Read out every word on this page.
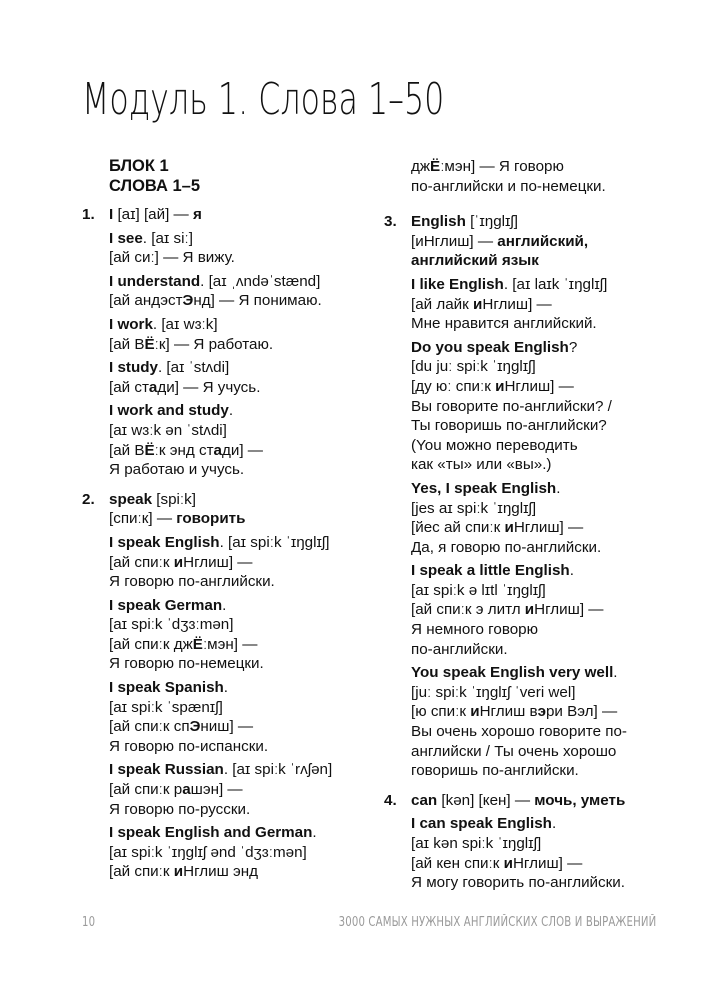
Модуль 1. Слова 1–50
БЛОК 1
СЛОВА 1–5
1. I [aɪ] [ай] — я
I see. [aɪ siː]
[ай сиː] — Я вижу.
I understand. [aɪ ˌʌndəˈstænd]
[ай андэстЭнд] — Я понимаю.
I work. [aɪ wɜːk]
[ай ВЁːк] — Я работаю.
I study. [aɪ ˈstʌdi]
[ай стади] — Я учусь.
I work and study.
[aɪ wɜːk ən ˈstʌdi]
[ай ВЁːк энд стади] —
Я работаю и учусь.
2. speak [spiːk]
[спиːк] — говорить
I speak English. [aɪ spiːk ˈɪŋglɪʃ]
[ай спиːк иНглиш] —
Я говорю по-английски.
I speak German.
[aɪ spiːk ˈdʒɜːmən]
[ай спиːк джЁːмэн] —
Я говорю по-немецки.
I speak Spanish.
[aɪ spiːk ˈspænɪʃ]
[ай спиːк спЭниш] —
Я говорю по-испански.
I speak Russian. [aɪ spiːk ˈrʌʃən]
[ай спиːк рашэн] —
Я говорю по-русски.
I speak English and German.
[aɪ spiːk ˈɪŋglɪʃ ənd ˈdʒɜːmən]
[ай спиːк иНглиш энд
джЁːмэн] — Я говорю
по-английски и по-немецки.
3. English [ˈɪŋglɪʃ]
[иНглиш] — английский,
английский язык
I like English. [aɪ laɪk ˈɪŋglɪʃ]
[ай лайк иНглиш] —
Мне нравится английский.
Do you speak English?
[du juː spiːk ˈɪŋglɪʃ]
[ду юː спиːк иНглиш] —
Вы говорите по-английски? /
Ты говоришь по-английски?
(You можно переводить
как «ты» или «вы».)
Yes, I speak English.
[jes aɪ spiːk ˈɪŋglɪʃ]
[йес ай спиːк иНглиш] —
Да, я говорю по-английски.
I speak a little English.
[aɪ spiːk ə lɪtl ˈɪŋglɪʃ]
[ай спиːк э литл иНглиш] —
Я немного говорю
по-английски.
You speak English very well.
[juː spiːk ˈɪŋglɪʃ ˈveri wel]
[ю спиːк иНглиш вэри Вэл] —
Вы очень хорошо говорите по-
английски / Ты очень хорошо
говоришь по-английски.
4. can [kən] [кен] — мочь, уметь
I can speak English.
[aɪ kən spiːk ˈɪŋglɪʃ]
[ай кен спиːк иНглиш] —
Я могу говорить по-английски.
10	3000 САМЫХ НУЖНЫХ АНГЛИЙСКИХ СЛОВ И ВЫРАЖЕНИЙ
